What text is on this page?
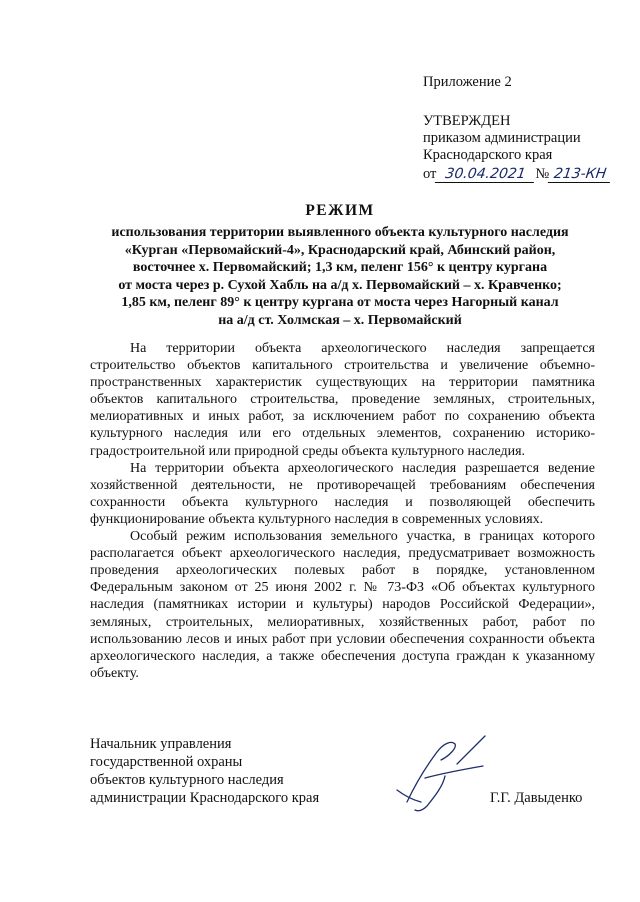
Приложение 2
УТВЕРЖДЕН
приказом администрации
Краснодарского края
от 30.04.2021 № 213-КН
РЕЖИМ
использования территории выявленного объекта культурного наследия
«Курган «Первомайский-4», Краснодарский край, Абинский район,
восточнее х. Первомайский; 1,3 км, пеленг 156° к центру кургана
от моста через р. Сухой Хабль на а/д х. Первомайский – х. Кравченко;
1,85 км, пеленг 89° к центру кургана от моста через Нагорный канал
на а/д ст. Холмская – х. Первомайский

На территории объекта археологического наследия запрещается строительство объектов капитального строительства и увеличение объемно-пространственных характеристик существующих на территории памятника объектов капитального строительства, проведение земляных, строительных, мелиоративных и иных работ, за исключением работ по сохранению объекта культурного наследия или его отдельных элементов, сохранению историко-градостроительной или природной среды объекта культурного наследия.

На территории объекта археологического наследия разрешается ведение хозяйственной деятельности, не противоречащей требованиям обеспечения сохранности объекта культурного наследия и позволяющей обеспечить функционирование объекта культурного наследия в современных условиях.

Особый режим использования земельного участка, в границах которого располагается объект археологического наследия, предусматривает возможность проведения археологических полевых работ в порядке, установленном Федеральным законом от 25 июня 2002 г. № 73-ФЗ «Об объектах культурного наследия (памятниках истории и культуры) народов Российской Федерации», земляных, строительных, мелиоративных, хозяйственных работ, работ по использованию лесов и иных работ при условии обеспечения сохранности объекта археологического наследия, а также обеспечения доступа граждан к указанному объекту.

Начальник управления
государственной охраны
объектов культурного наследия
администрации Краснодарского края	Г.Г. Давыденко
